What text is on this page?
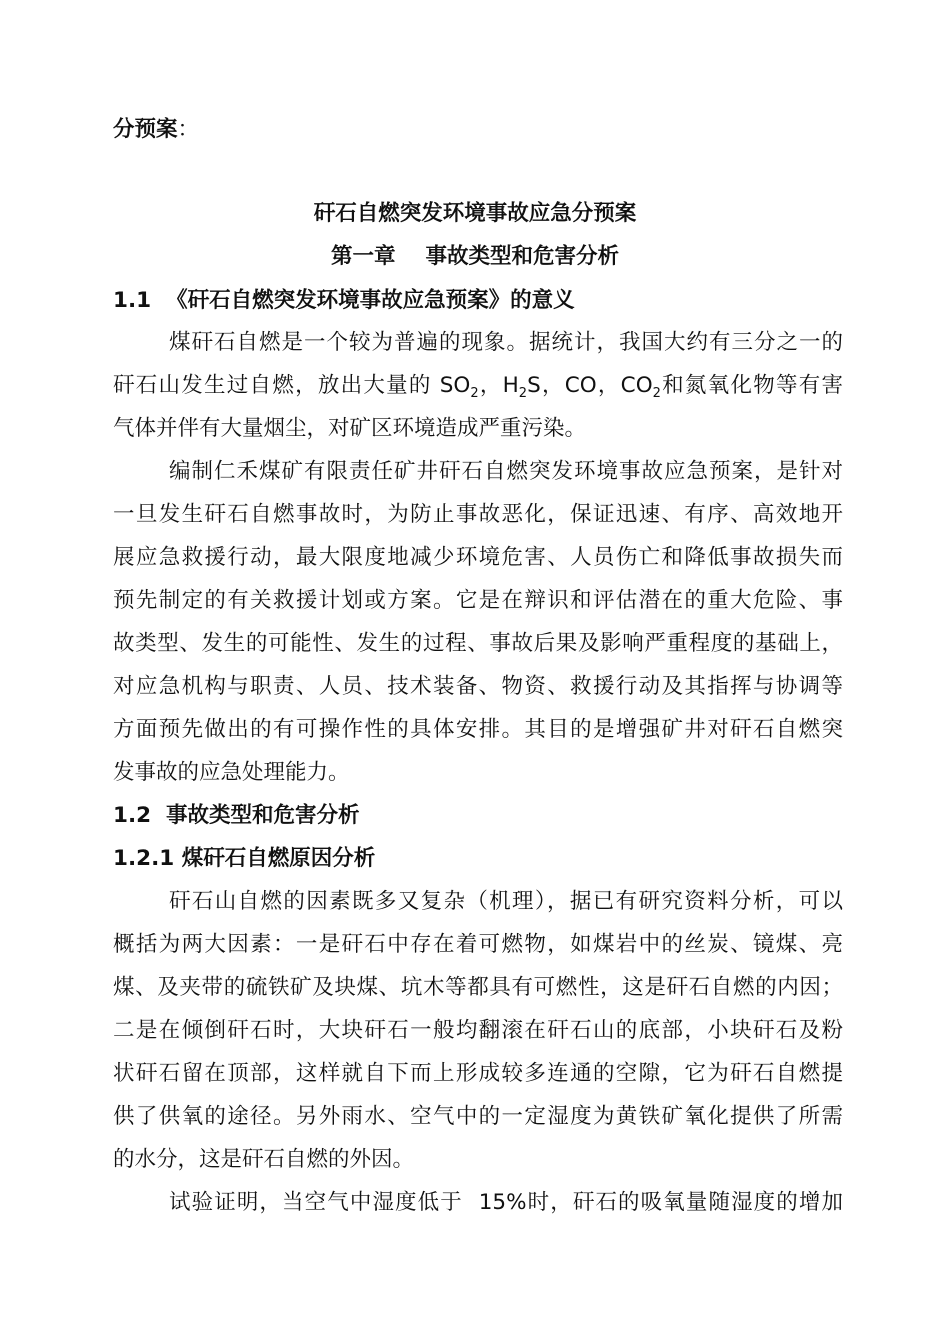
分预案：
矸石自燃突发环境事故应急分预案
第一章    事故类型和危害分析
1.1 《矸石自燃突发环境事故应急预案》的意义
煤矸石自燃是一个较为普遍的现象。据统计，我国大约有三分之一的
矸石山发生过自燃，放出大量的 $SO_2$，$H_2S$，CO，$CO_2$和氮氧化物等有害
气体并伴有大量烟尘，对矿区环境造成严重污染。
编制仁禾煤矿有限责任矿井矸石自燃突发环境事故应急预案，是针对
一旦发生矸石自燃事故时，为防止事故恶化，保证迅速、有序、高效地开
展应急救援行动，最大限度地减少环境危害、人员伤亡和降低事故损失而
预先制定的有关救援计划或方案。它是在辩识和评估潜在的重大危险、事
故类型、发生的可能性、发生的过程、事故后果及影响严重程度的基础上，
对应急机构与职责、人员、技术装备、物资、救援行动及其指挥与协调等
方面预先做出的有可操作性的具体安排。其目的是增强矿井对矸石自燃突
发事故的应急处理能力。
1.2  事故类型和危害分析
1.2.1 煤矸石自燃原因分析
矸石山自燃的因素既多又复杂（机理），据已有研究资料分析，可以
概括为两大因素：一是矸石中存在着可燃物，如煤岩中的丝炭、镜煤、亮
煤、及夹带的硫铁矿及块煤、坑木等都具有可燃性，这是矸石自燃的内因；
二是在倾倒矸石时，大块矸石一般均翻滚在矸石山的底部，小块矸石及粉
状矸石留在顶部，这样就自下而上形成较多连通的空隙，它为矸石自燃提
供了供氧的途径。另外雨水、空气中的一定湿度为黄铁矿氧化提供了所需
的水分，这是矸石自燃的外因。
试验证明，当空气中湿度低于  15%时，矸石的吸氧量随湿度的增加
